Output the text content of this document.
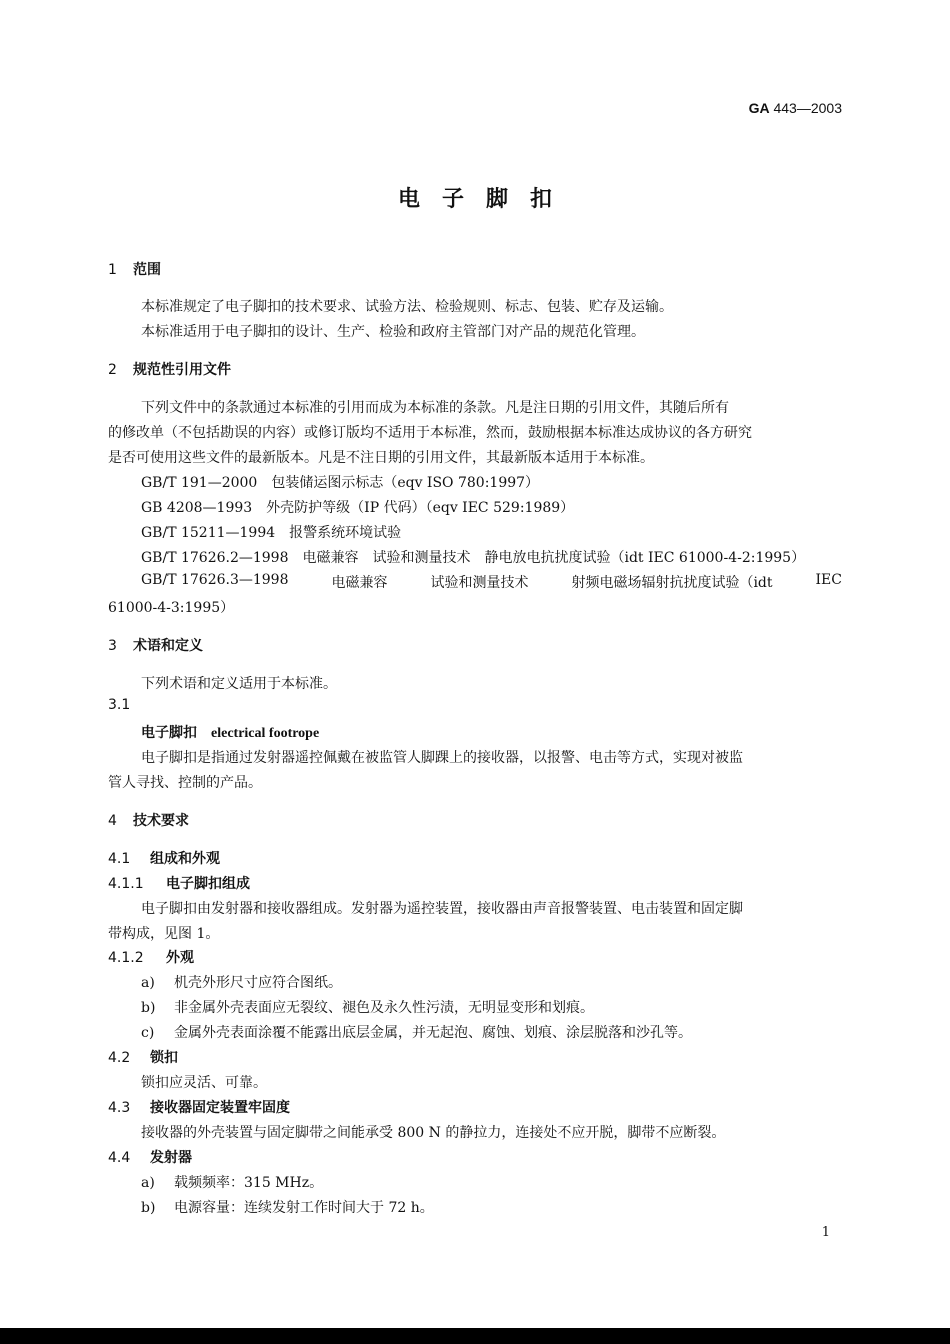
GA 443—2003
电子脚扣
1 范围
本标准规定了电子脚扣的技术要求、试验方法、检验规则、标志、包装、贮存及运输。
本标准适用于电子脚扣的设计、生产、检验和政府主管部门对产品的规范化管理。
2 规范性引用文件
下列文件中的条款通过本标准的引用而成为本标准的条款。凡是注日期的引用文件，其随后所有
的修改单（不包括勘误的内容）或修订版均不适用于本标准，然而，鼓励根据本标准达成协议的各方研究
是否可使用这些文件的最新版本。凡是不注日期的引用文件，其最新版本适用于本标准。
GB/T 191—2000　包装储运图示标志（eqv ISO 780:1997）
GB 4208—1993　外壳防护等级（IP 代码）（eqv IEC 529:1989）
GB/T 15211—1994　报警系统环境试验
GB/T 17626.2—1998　电磁兼容　试验和测量技术　静电放电抗扰度试验（idt IEC 61000-4-2:1995）
GB/T 17626.3—1998	电磁兼容	试验和测量技术	射频电磁场辐射抗扰度试验（idt	IEC
61000-4-3:1995）
3 术语和定义
下列术语和定义适用于本标准。
3.1
电子脚扣　 electrical footrope
电子脚扣是指通过发射器遥控佩戴在被监管人脚踝上的接收器，以报警、电击等方式，实现对被监
管人寻找、控制的产品。
4 技术要求
4.1 组成和外观
4.1.1 电子脚扣组成
电子脚扣由发射器和接收器组成。发射器为遥控装置，接收器由声音报警装置、电击装置和固定脚
带构成，见图 1。
4.1.2 外观
a) 机壳外形尺寸应符合图纸。
b) 非金属外壳表面应无裂纹、褪色及永久性污渍，无明显变形和划痕。
c) 金属外壳表面涂覆不能露出底层金属，并无起泡、腐蚀、划痕、涂层脱落和沙孔等。
4.2 锁扣
锁扣应灵活、可靠。
4.3 接收器固定装置牢固度
接收器的外壳装置与固定脚带之间能承受 800 N 的静拉力，连接处不应开脱，脚带不应断裂。
4.4 发射器
a) 载频频率：315 MHz。
b) 电源容量：连续发射工作时间大于 72 h。
1
